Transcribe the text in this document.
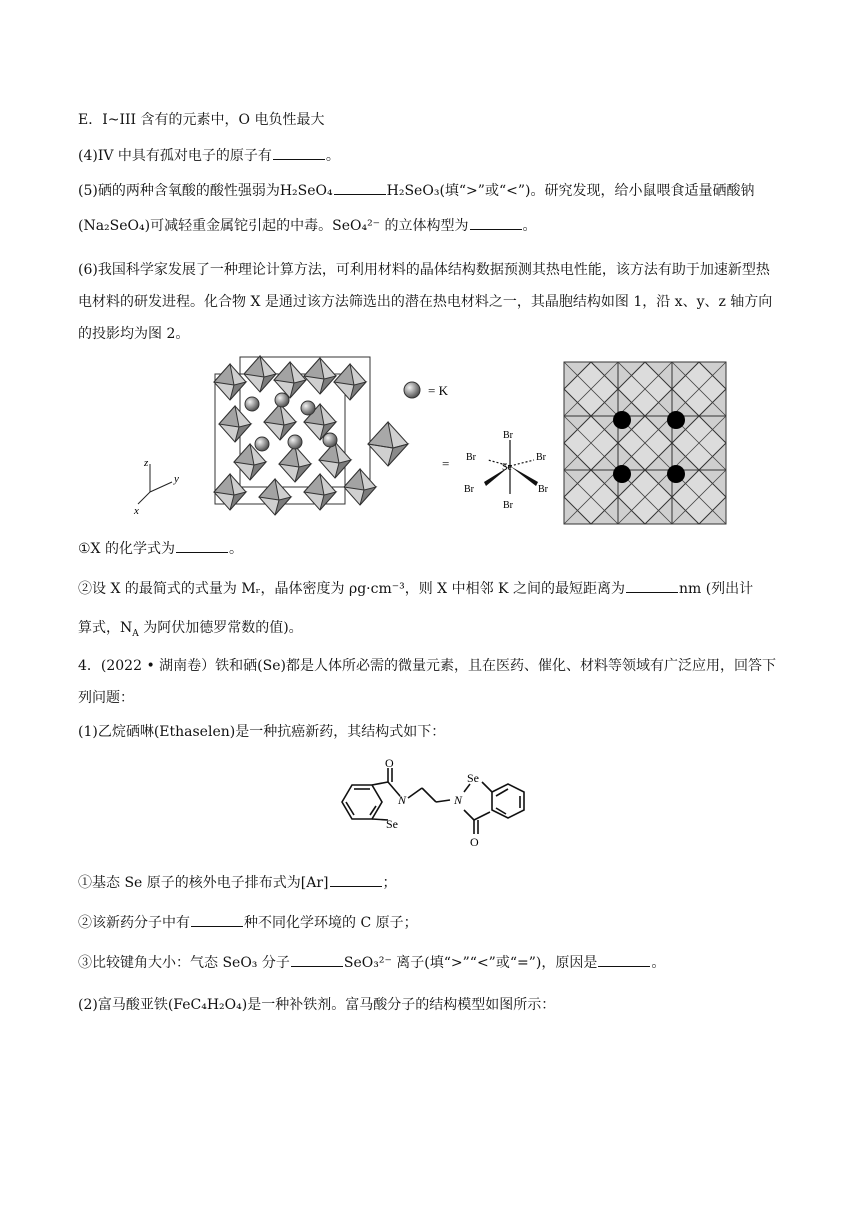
E．I~III 含有的元素中，O 电负性最大
(4)IV 中具有孤对电子的原子有	。
(5)硒的两种含氧酸的酸性强弱为H₂SeO₄	H₂SeO₃(填“>”或“<”)。研究发现，给小鼠喂食适量硒酸钠
(Na₂SeO₄)可减轻重金属铊引起的中毒。SeO₄²⁻ 的立体构型为	。
(6)我国科学家发展了一种理论计算方法，可利用材料的晶体结构数据预测其热电性能，该方法有助于加速新型热电材料的研发进程。化合物 X 是通过该方法筛选出的潜在热电材料之一，其晶胞结构如图 1，沿 x、y、z 轴方向的投影均为图 2。
z
y
x
= K
=	Se
Br
Br
Br	Br
Br	Br
①X 的化学式为	。
②设 X 的最简式的式量为 Mᵣ，晶体密度为 ρg·cm⁻³，则 X 中相邻 K 之间的最短距离为	nm (列出计
算式，$N_A$ 为阿伏加德罗常数的值)。
4．(2022 • 湖南卷）铁和硒(Se)都是人体所必需的微量元素，且在医药、催化、材料等领域有广泛应用，回答下列问题：
(1)乙烷硒啉(Ethaselen)是一种抗癌新药，其结构式如下：
O
N
Se
N
Se
O
①基态 Se 原子的核外电子排布式为[Ar]	；
②该新药分子中有	种不同化学环境的 C 原子；
③比较键角大小：气态 SeO₃ 分子	SeO₃²⁻ 离子(填“>”“<”或“=”)，原因是	。
(2)富马酸亚铁(FeC₄H₂O₄)是一种补铁剂。富马酸分子的结构模型如图所示：
